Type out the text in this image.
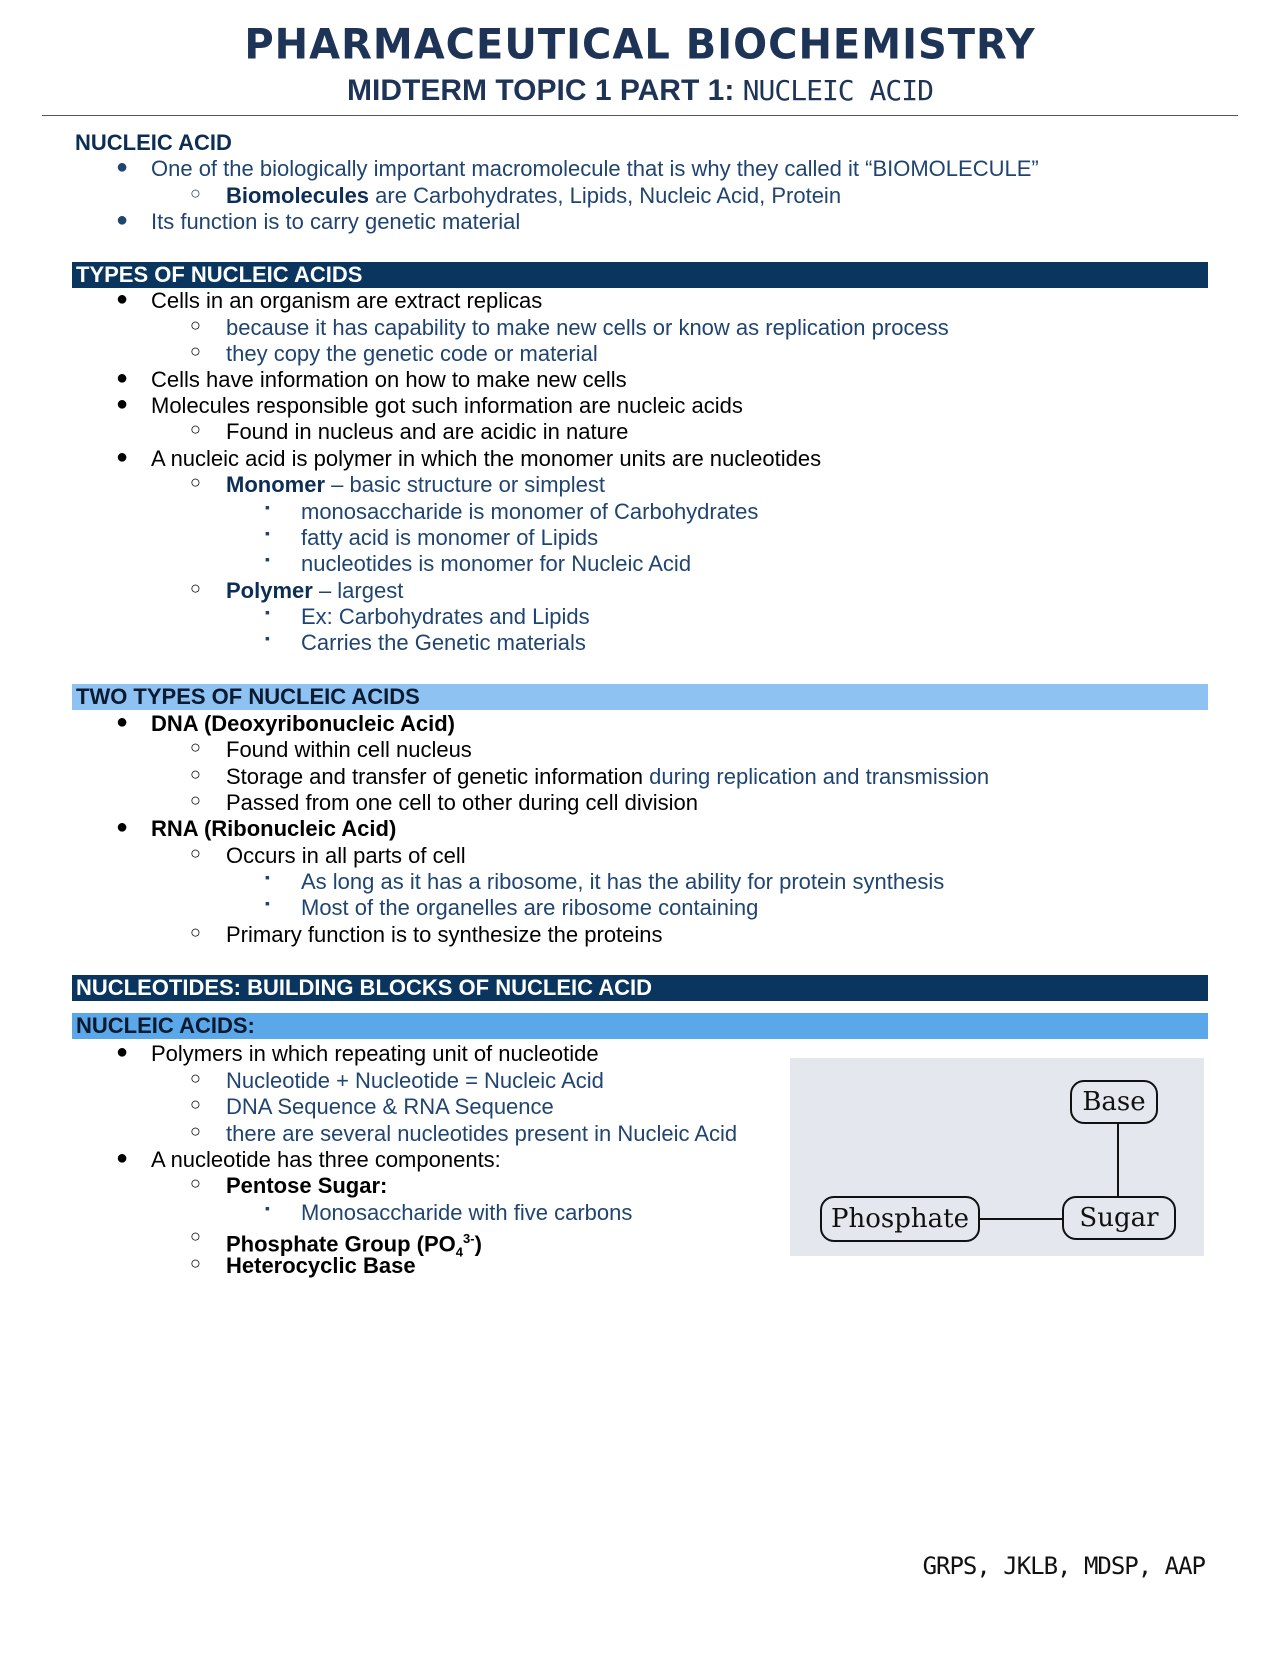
PHARMACEUTICAL BIOCHEMISTRY
MIDTERM TOPIC 1 PART 1: NUCLEIC ACID
NUCLEIC ACID
● One of the biologically important macromolecule that is why they called it “BIOMOLECULE”
○ Biomolecules are Carbohydrates, Lipids, Nucleic Acid, Protein
● Its function is to carry genetic material
TYPES OF NUCLEIC ACIDS
● Cells in an organism are extract replicas
○ because it has capability to make new cells or know as replication process
○ they copy the genetic code or material
● Cells have information on how to make new cells
● Molecules responsible got such information are nucleic acids
○ Found in nucleus and are acidic in nature
● A nucleic acid is polymer in which the monomer units are nucleotides
○ Monomer – basic structure or simplest
▪ monosaccharide is monomer of Carbohydrates
▪ fatty acid is monomer of Lipids
▪ nucleotides is monomer for Nucleic Acid
○ Polymer – largest
▪ Ex: Carbohydrates and Lipids
▪ Carries the Genetic materials
TWO TYPES OF NUCLEIC ACIDS
● DNA (Deoxyribonucleic Acid)
○ Found within cell nucleus
○ Storage and transfer of genetic information during replication and transmission
○ Passed from one cell to other during cell division
● RNA (Ribonucleic Acid)
○ Occurs in all parts of cell
▪ As long as it has a ribosome, it has the ability for protein synthesis
▪ Most of the organelles are ribosome containing
○ Primary function is to synthesize the proteins
NUCLEOTIDES: BUILDING BLOCKS OF NUCLEIC ACID
NUCLEIC ACIDS:
● Polymers in which repeating unit of nucleotide
○ Nucleotide + Nucleotide = Nucleic Acid
○ DNA Sequence & RNA Sequence
○ there are several nucleotides present in Nucleic Acid
● A nucleotide has three components:
○ Pentose Sugar:
▪ Monosaccharide with five carbons
○ Phosphate Group $(PO_4^{3-})$
○ Heterocyclic Base
Base
Sugar
Phosphate
GRPS, JKLB, MDSP, AAP
